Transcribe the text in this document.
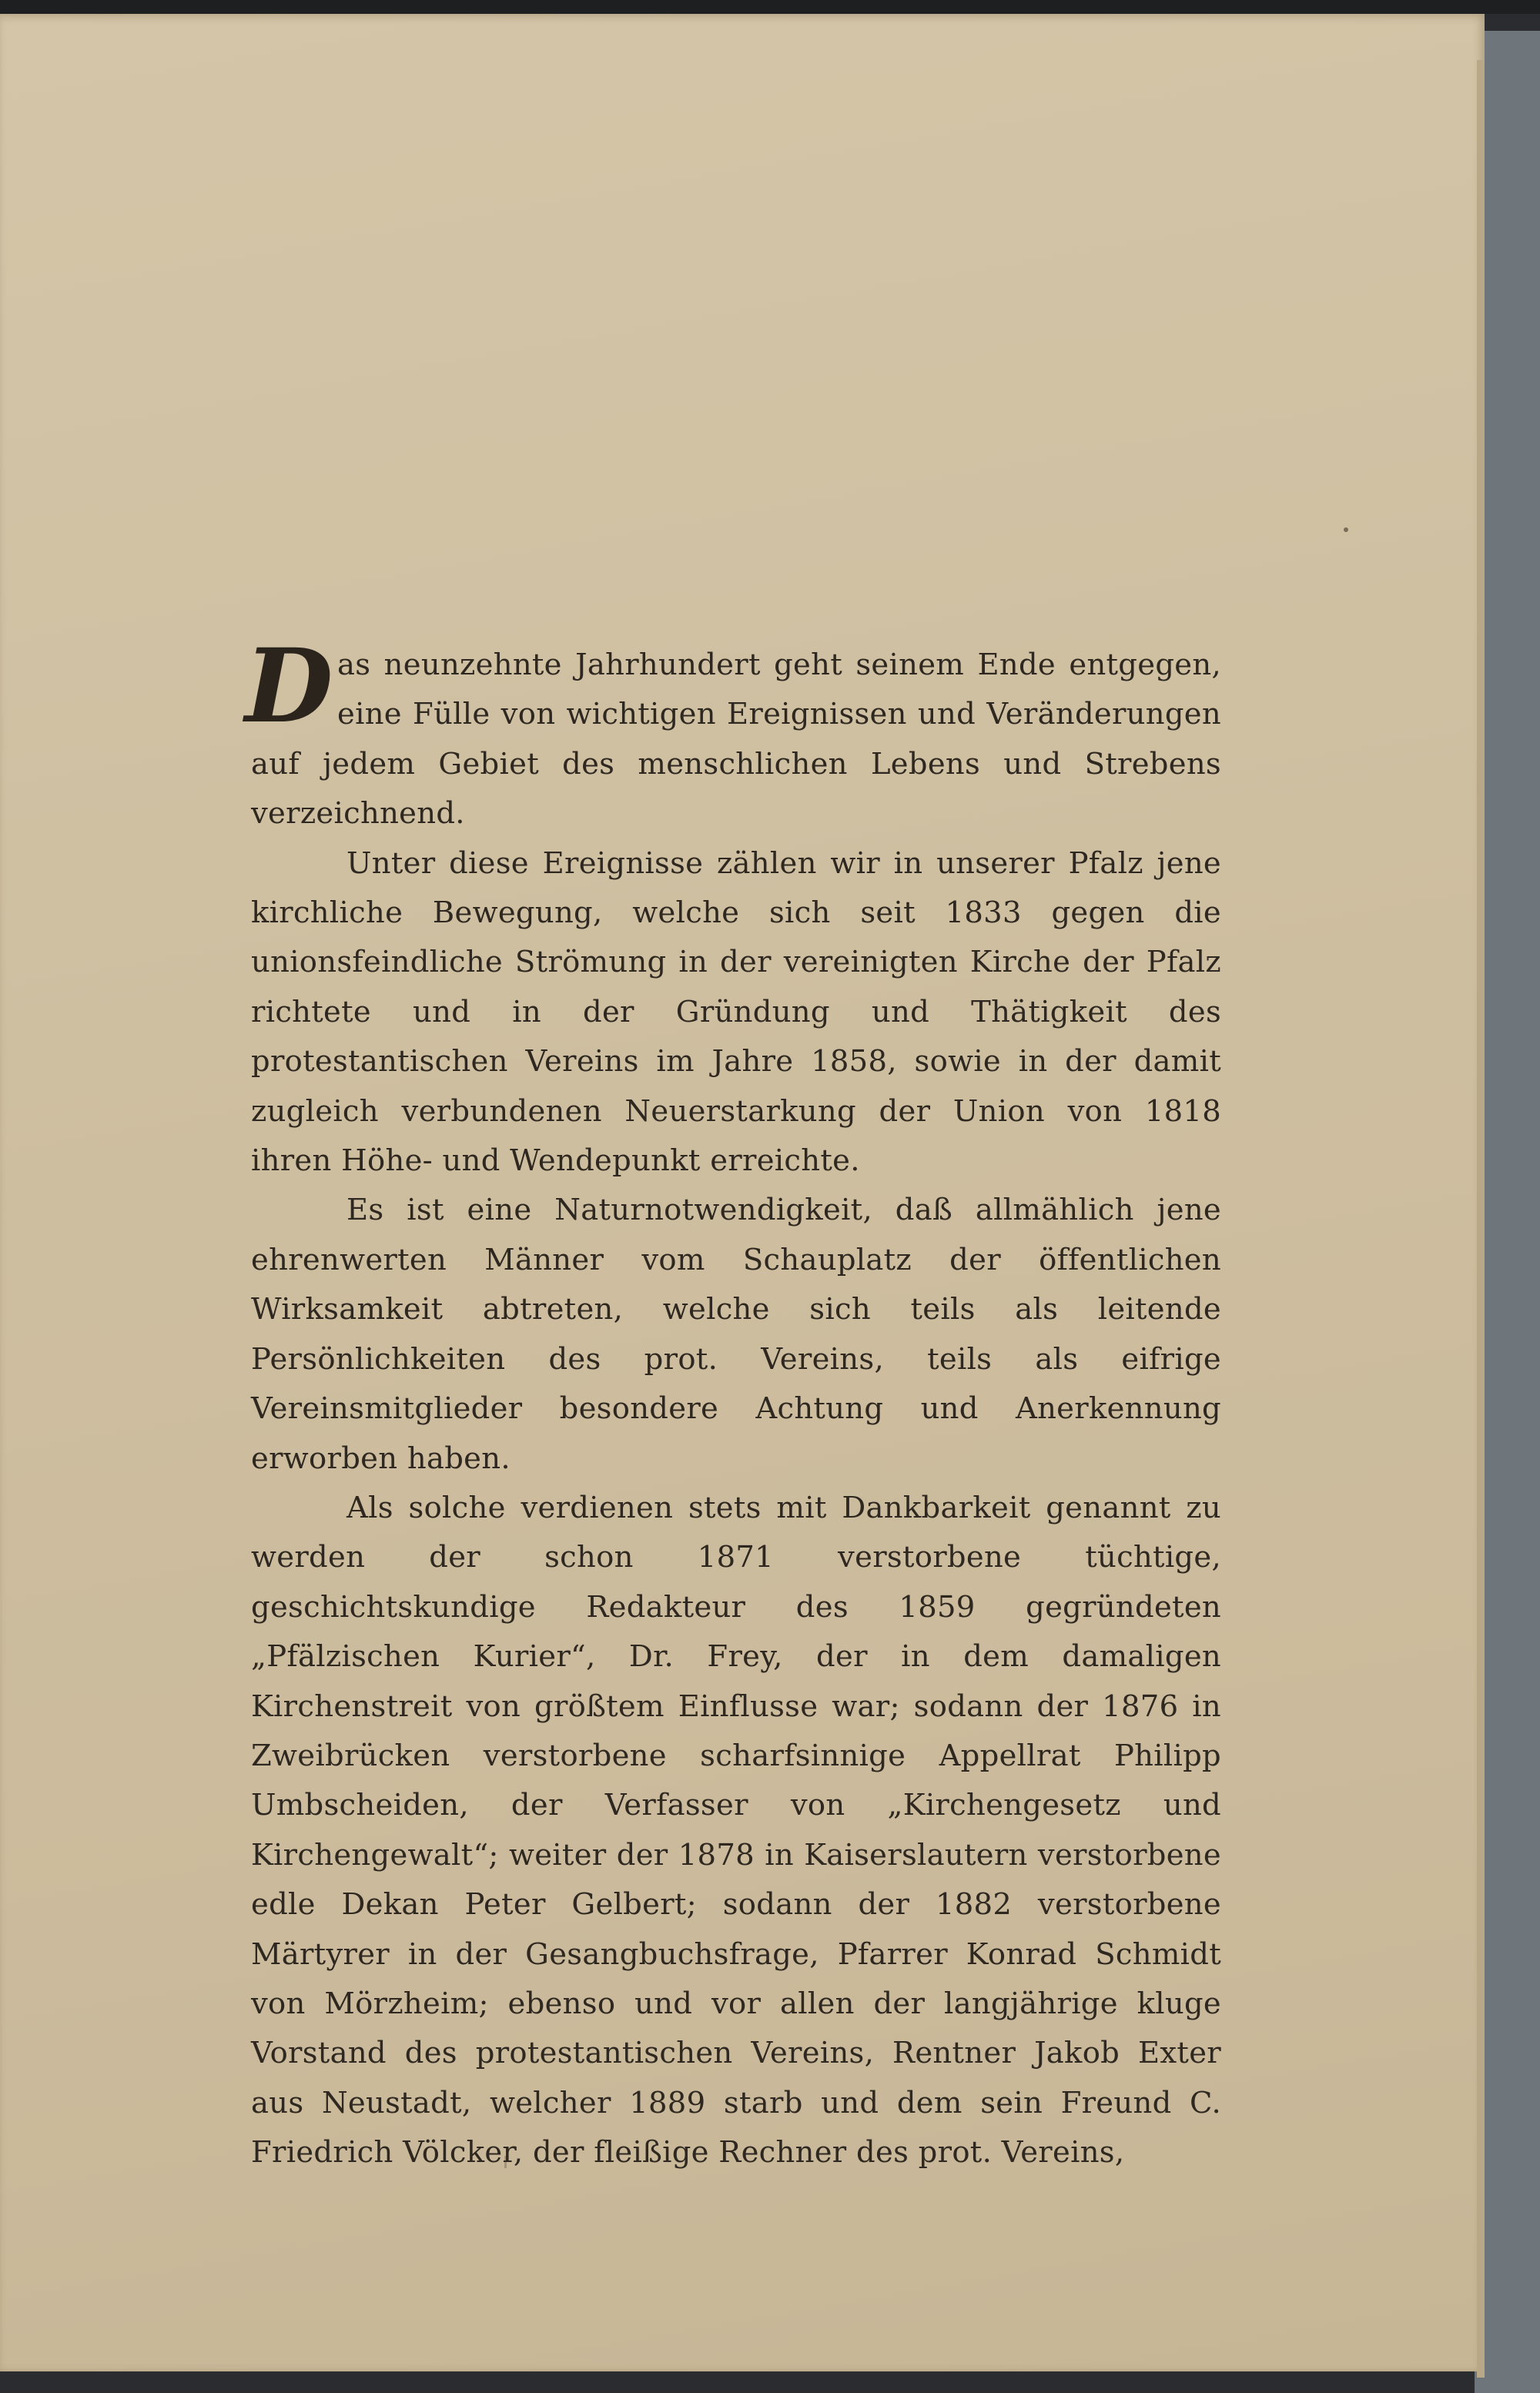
D as neunzehnte Jahrhundert geht seinem Ende entgegen, eine Fülle von wichtigen Ereignissen und Veränderungen auf jedem Gebiet des menschlichen Lebens und Strebens verzeichnend.

Unter diese Ereignisse zählen wir in unserer Pfalz jene kirchliche Bewegung, welche sich seit 1833 gegen die unionsfeindliche Strömung in der vereinigten Kirche der Pfalz richtete und in der Gründung und Thätigkeit des protestantischen Vereins im Jahre 1858, sowie in der damit zugleich verbundenen Neuerstarkung der Union von 1818 ihren Höhe- und Wendepunkt erreichte.

Es ist eine Naturnotwendigkeit, daß allmählich jene ehrenwerten Männer vom Schauplatz der öffentlichen Wirksamkeit abtreten, welche sich teils als leitende Persönlichkeiten des prot. Vereins, teils als eifrige Vereinsmitglieder besondere Achtung und Anerkennung erworben haben.

Als solche verdienen stets mit Dankbarkeit genannt zu werden der schon 1871 verstorbene tüchtige, geschichtskundige Redakteur des 1859 gegründeten „Pfälzischen Kurier“, Dr. Frey, der in dem damaligen Kirchenstreit von größtem Einflusse war; sodann der 1876 in Zweibrücken verstorbene scharfsinnige Appellrat Philipp Umbscheiden, der Verfasser von „Kirchengesetz und Kirchengewalt“; weiter der 1878 in Kaiserslautern verstorbene edle Dekan Peter Gelbert; sodann der 1882 verstorbene Märtyrer in der Gesangbuchsfrage, Pfarrer Konrad Schmidt von Mörzheim; ebenso und vor allen der langjährige kluge Vorstand des protestantischen Vereins, Rentner Jakob Exter aus Neustadt, welcher 1889 starb und dem sein Freund C. Friedrich Völcker, der fleißige Rechner des prot. Vereins,
